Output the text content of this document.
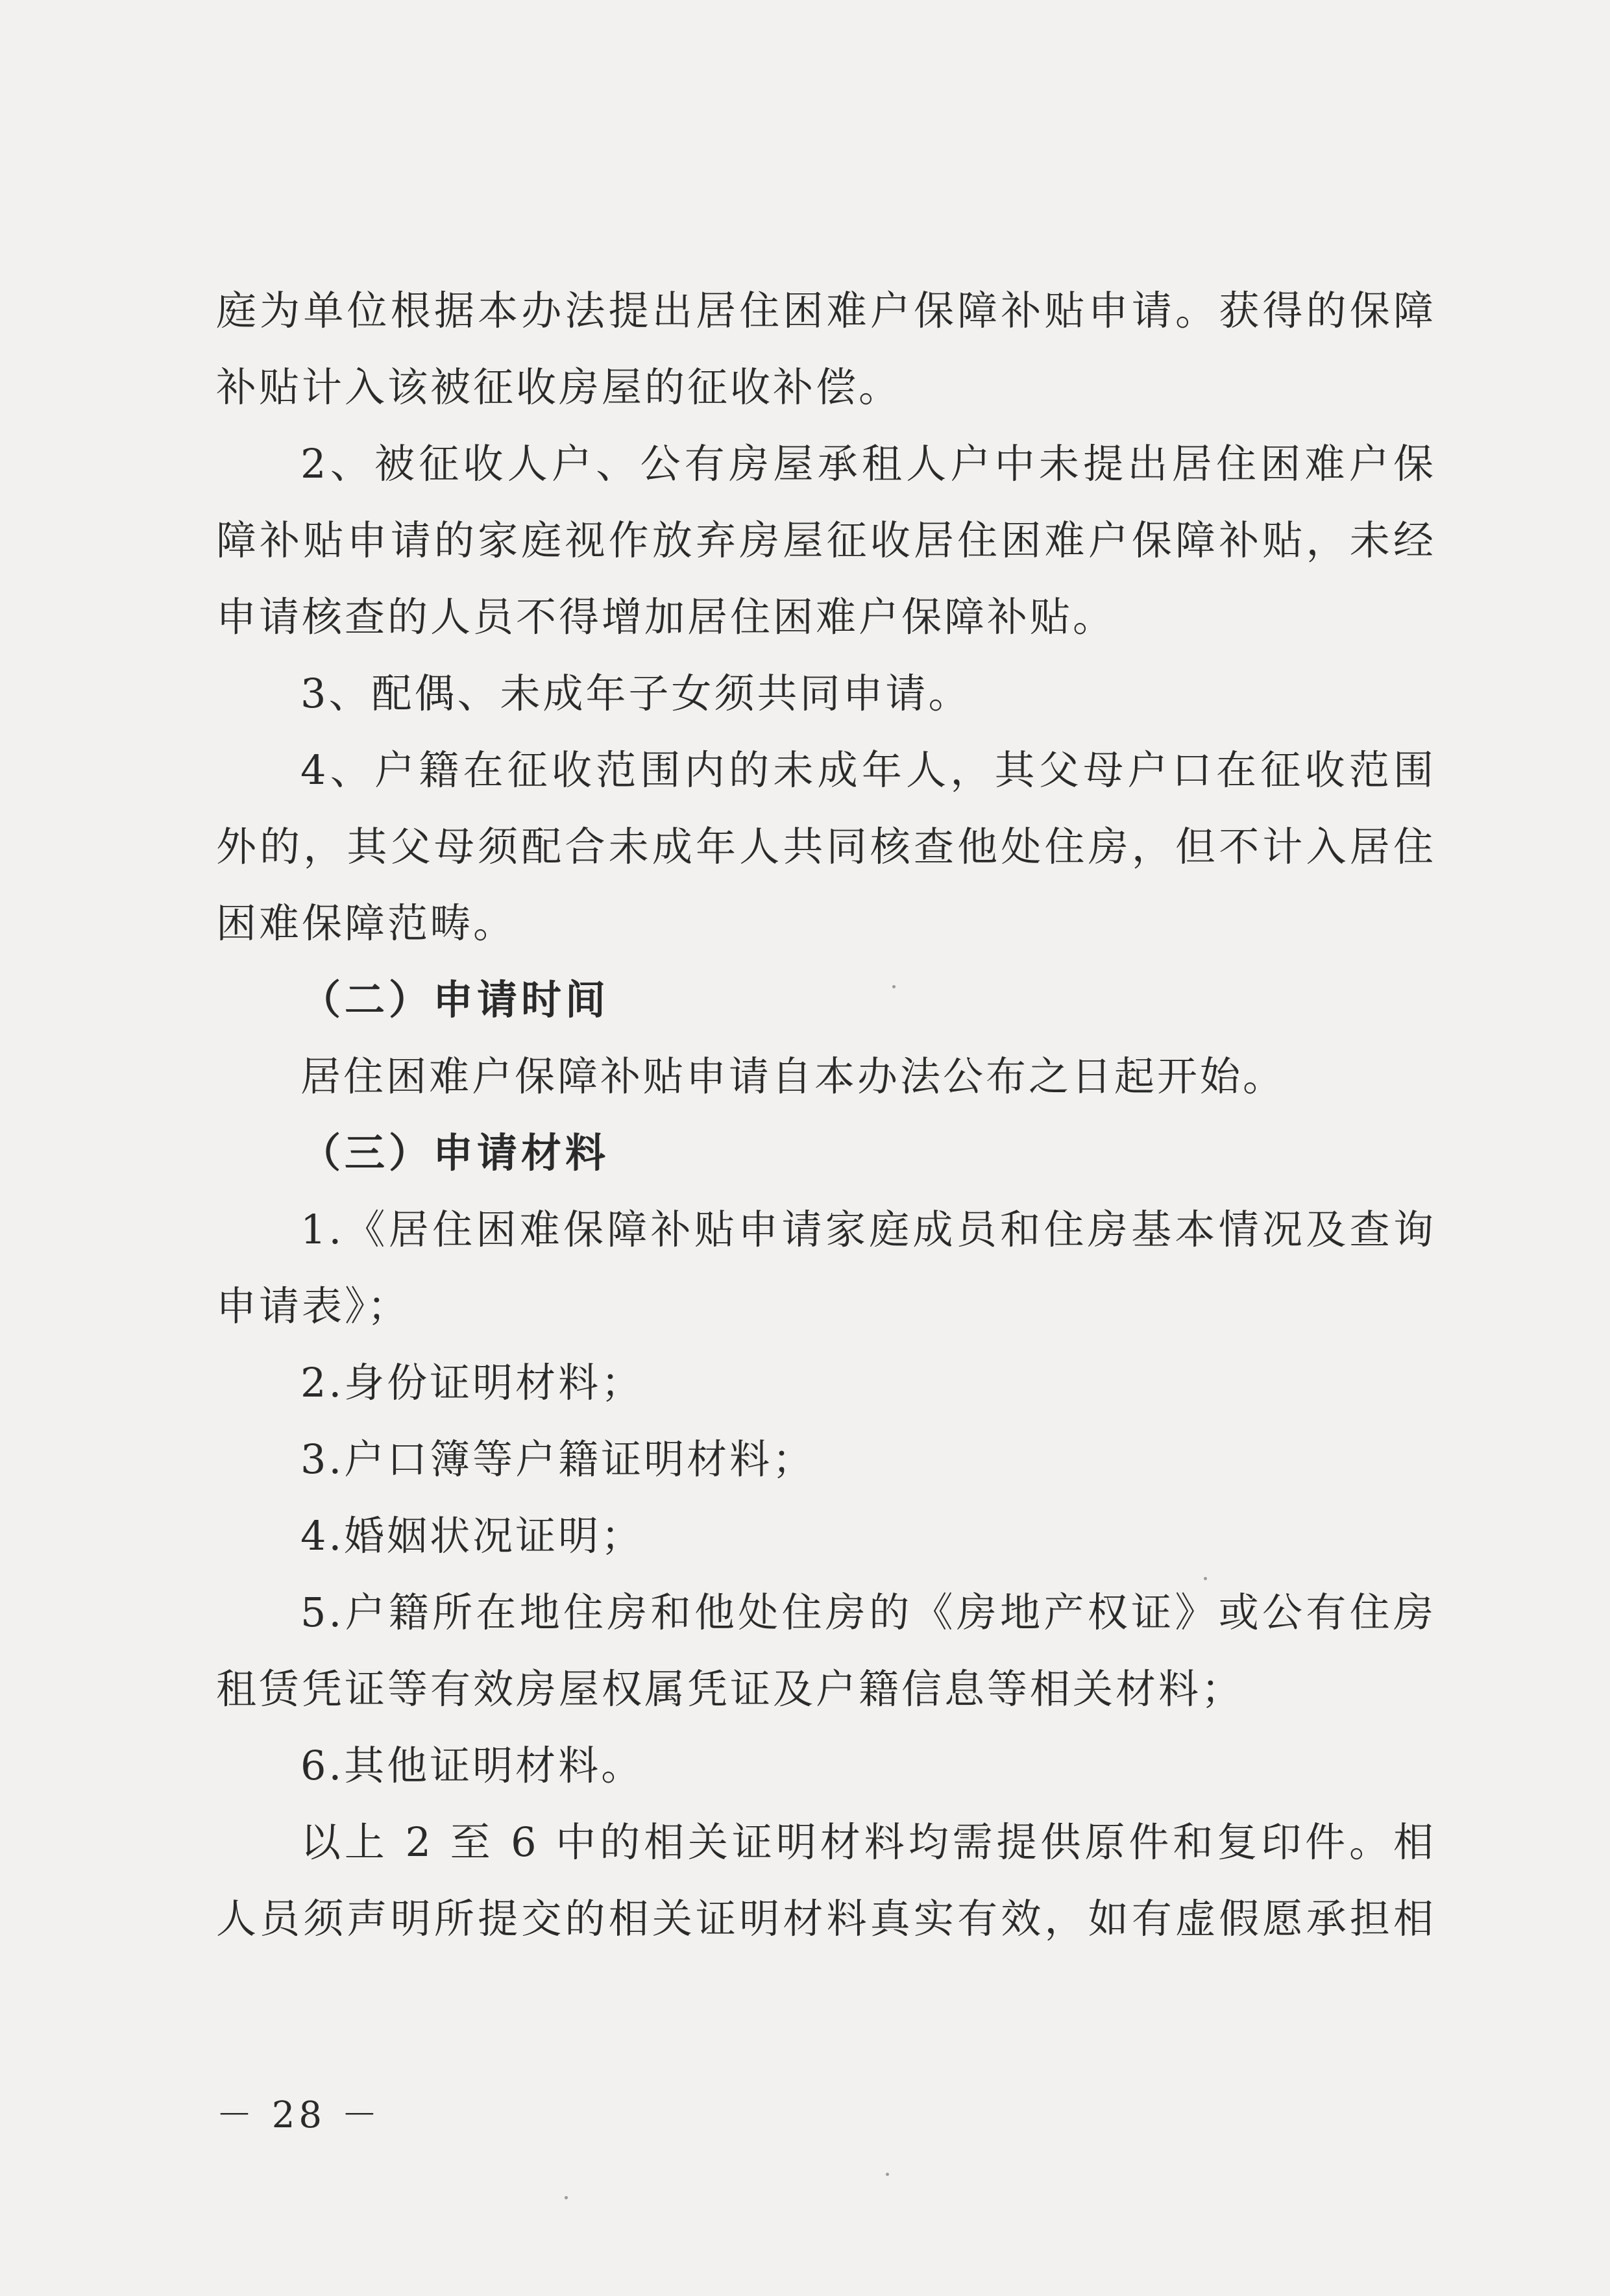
庭为单位根据本办法提出居住困难户保障补贴申请。获得的保障
补贴计入该被征收房屋的征收补偿。
2、被征收人户、公有房屋承租人户中未提出居住困难户保
障补贴申请的家庭视作放弃房屋征收居住困难户保障补贴，未经
申请核查的人员不得增加居住困难户保障补贴。
3、配偶、未成年子女须共同申请。
4、户籍在征收范围内的未成年人，其父母户口在征收范围
外的，其父母须配合未成年人共同核查他处住房，但不计入居住
困难保障范畴。
（二）申请时间
居住困难户保障补贴申请自本办法公布之日起开始。
（三）申请材料
1.《居住困难保障补贴申请家庭成员和住房基本情况及查询
申请表》；
2.身份证明材料；
3.户口簿等户籍证明材料；
4.婚姻状况证明；
5.户籍所在地住房和他处住房的《房地产权证》或公有住房
租赁凭证等有效房屋权属凭证及户籍信息等相关材料；
6.其他证明材料。
以上 2 至 6 中的相关证明材料均需提供原件和复印件。相
人员须声明所提交的相关证明材料真实有效，如有虚假愿承担相
－ 28 －
